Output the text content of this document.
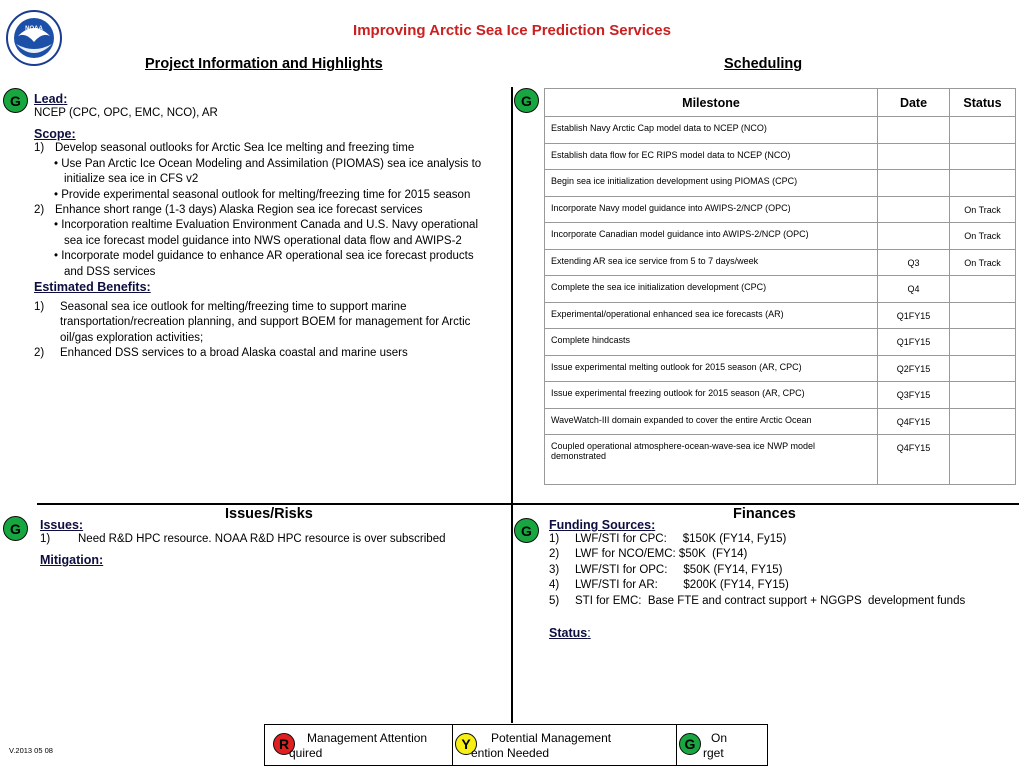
NOAA	Improving Arctic Sea Ice Prediction Services
Project Information and Highlights	Scheduling
G	Lead:
NCEP (CPC, OPC, EMC, NCO), AR
Scope:
1) Develop seasonal outlooks for Arctic Sea Ice melting and freezing time
• Use Pan Arctic Ice Ocean Modeling and Assimilation (PIOMAS) sea ice analysis to
initialize sea ice in CFS v2
• Provide experimental seasonal outlook for melting/freezing time for 2015 season
2) Enhance short range (1-3 days) Alaska Region sea ice forecast services
• Incorporation realtime Evaluation Environment Canada and U.S. Navy operational
sea ice forecast model guidance into NWS operational data flow and AWIPS-2
• Incorporate model guidance to enhance AR operational sea ice forecast products
and DSS services
Estimated Benefits:
1)	Seasonal sea ice outlook for melting/freezing time to support marine
transportation/recreation planning, and support BOEM for management for Arctic
oil/gas exploration activities;
2)	Enhanced DSS services to a broad Alaska coastal and marine users
G	Milestone	Date	Status
Establish Navy Arctic Cap model data to NCEP (NCO)		
Establish data flow for EC RIPS model data to NCEP (NCO)		
Begin sea ice initialization development using PIOMAS (CPC)		
Incorporate Navy model guidance into AWIPS-2/NCP (OPC)		On Track
Incorporate Canadian model guidance into AWIPS-2/NCP (OPC)		On Track
Extending AR sea ice service from 5 to 7 days/week	Q3	On Track
Complete the sea ice initialization development (CPC)	Q4	
Experimental/operational enhanced sea ice forecasts (AR)	Q1FY15	
Complete hindcasts	Q1FY15	
Issue experimental melting outlook for 2015 season (AR, CPC)	Q2FY15	
Issue experimental freezing outlook for 2015 season (AR, CPC)	Q3FY15	
WaveWatch-III domain expanded to cover the entire Arctic Ocean	Q4FY15	
Coupled operational atmosphere-ocean-wave-sea ice NWP model demonstrated	Q4FY15	
Issues/Risks
G	Issues:
1) Need R&D HPC resource. NOAA R&D HPC resource is over subscribed
Mitigation:
Finances
G	Funding Sources:
1) LWF/STI for CPC:     $150K (FY14, Fy15)
2) LWF for NCO/EMC: $50K  (FY14)
3) LWF/STI for OPC:     $50K (FY14, FY15)
4) LWF/STI for AR:        $200K (FY14, FY15)
5) STI for EMC:  Base FTE and contract support + NGGPS  development funds
Status:
V.2013 05 08	R	Management Attention
quired
Y	Potential Management
ention Needed
G	On
rget
